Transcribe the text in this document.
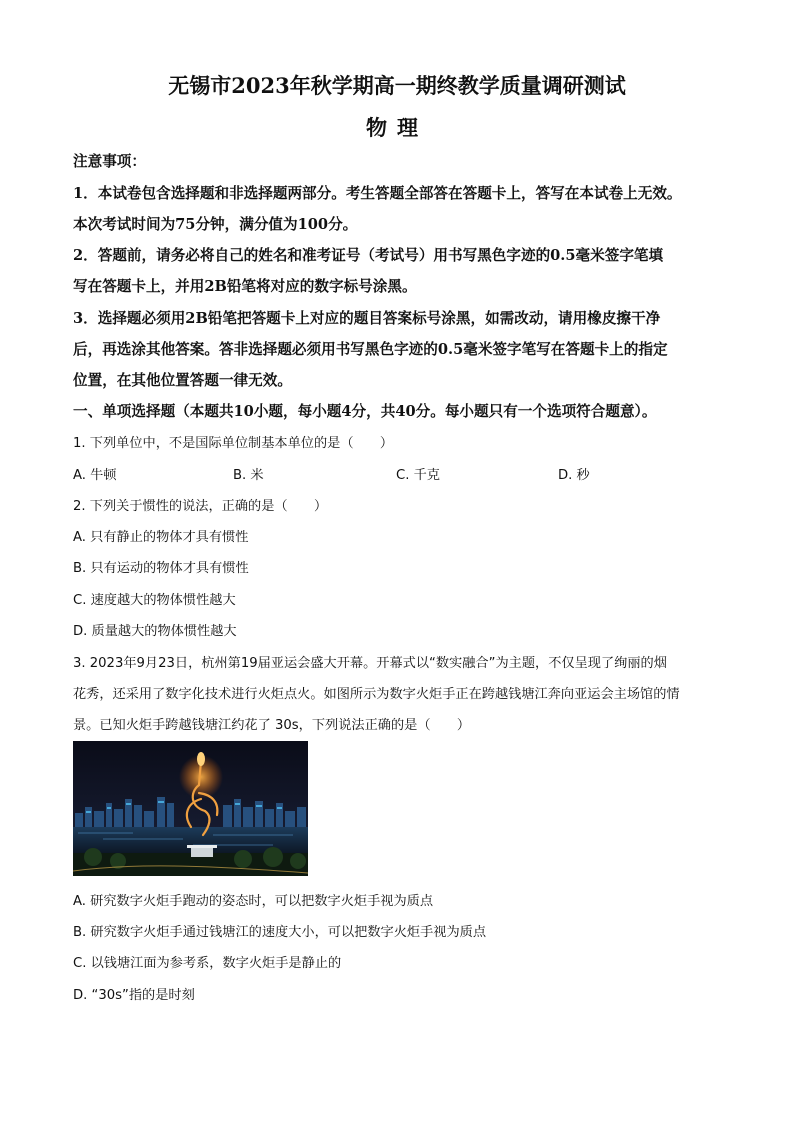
无锡市2023年秋学期高一期终教学质量调研测试
物理
注意事项：
1．本试卷包含选择题和非选择题两部分。考生答题全部答在答题卡上，答写在本试卷上无效。
本次考试时间为75分钟，满分值为100分。
2．答题前，请务必将自己的姓名和准考证号（考试号）用书写黑色字迹的0.5毫米签字笔填
写在答题卡上，并用2B铅笔将对应的数字标号涂黑。
3．选择题必须用2B铅笔把答题卡上对应的题目答案标号涂黑，如需改动，请用橡皮擦干净
后，再选涂其他答案。答非选择题必须用书写黑色字迹的0.5毫米签字笔写在答题卡上的指定
位置，在其他位置答题一律无效。
一、单项选择题（本题共10小题，每小题4分，共40分。每小题只有一个选项符合题意）。
1. 下列单位中，不是国际单位制基本单位的是（　　）
A. 牛顿	B. 米	C. 千克	D. 秒
2. 下列关于惯性的说法，正确的是（　　）
A. 只有静止的物体才具有惯性
B. 只有运动的物体才具有惯性
C. 速度越大的物体惯性越大
D. 质量越大的物体惯性越大
3. 2023年9月23日，杭州第19届亚运会盛大开幕。开幕式以“数实融合”为主题，不仅呈现了绚丽的烟
花秀，还采用了数字化技术进行火炬点火。如图所示为数字火炬手正在跨越钱塘江奔向亚运会主场馆的情
景。已知火炬手跨越钱塘江约花了 30s，下列说法正确的是（　　）
A. 研究数字火炬手跑动的姿态时，可以把数字火炬手视为质点
B. 研究数字火炬手通过钱塘江的速度大小，可以把数字火炬手视为质点
C. 以钱塘江面为参考系，数字火炬手是静止的
D. “30s”指的是时刻
